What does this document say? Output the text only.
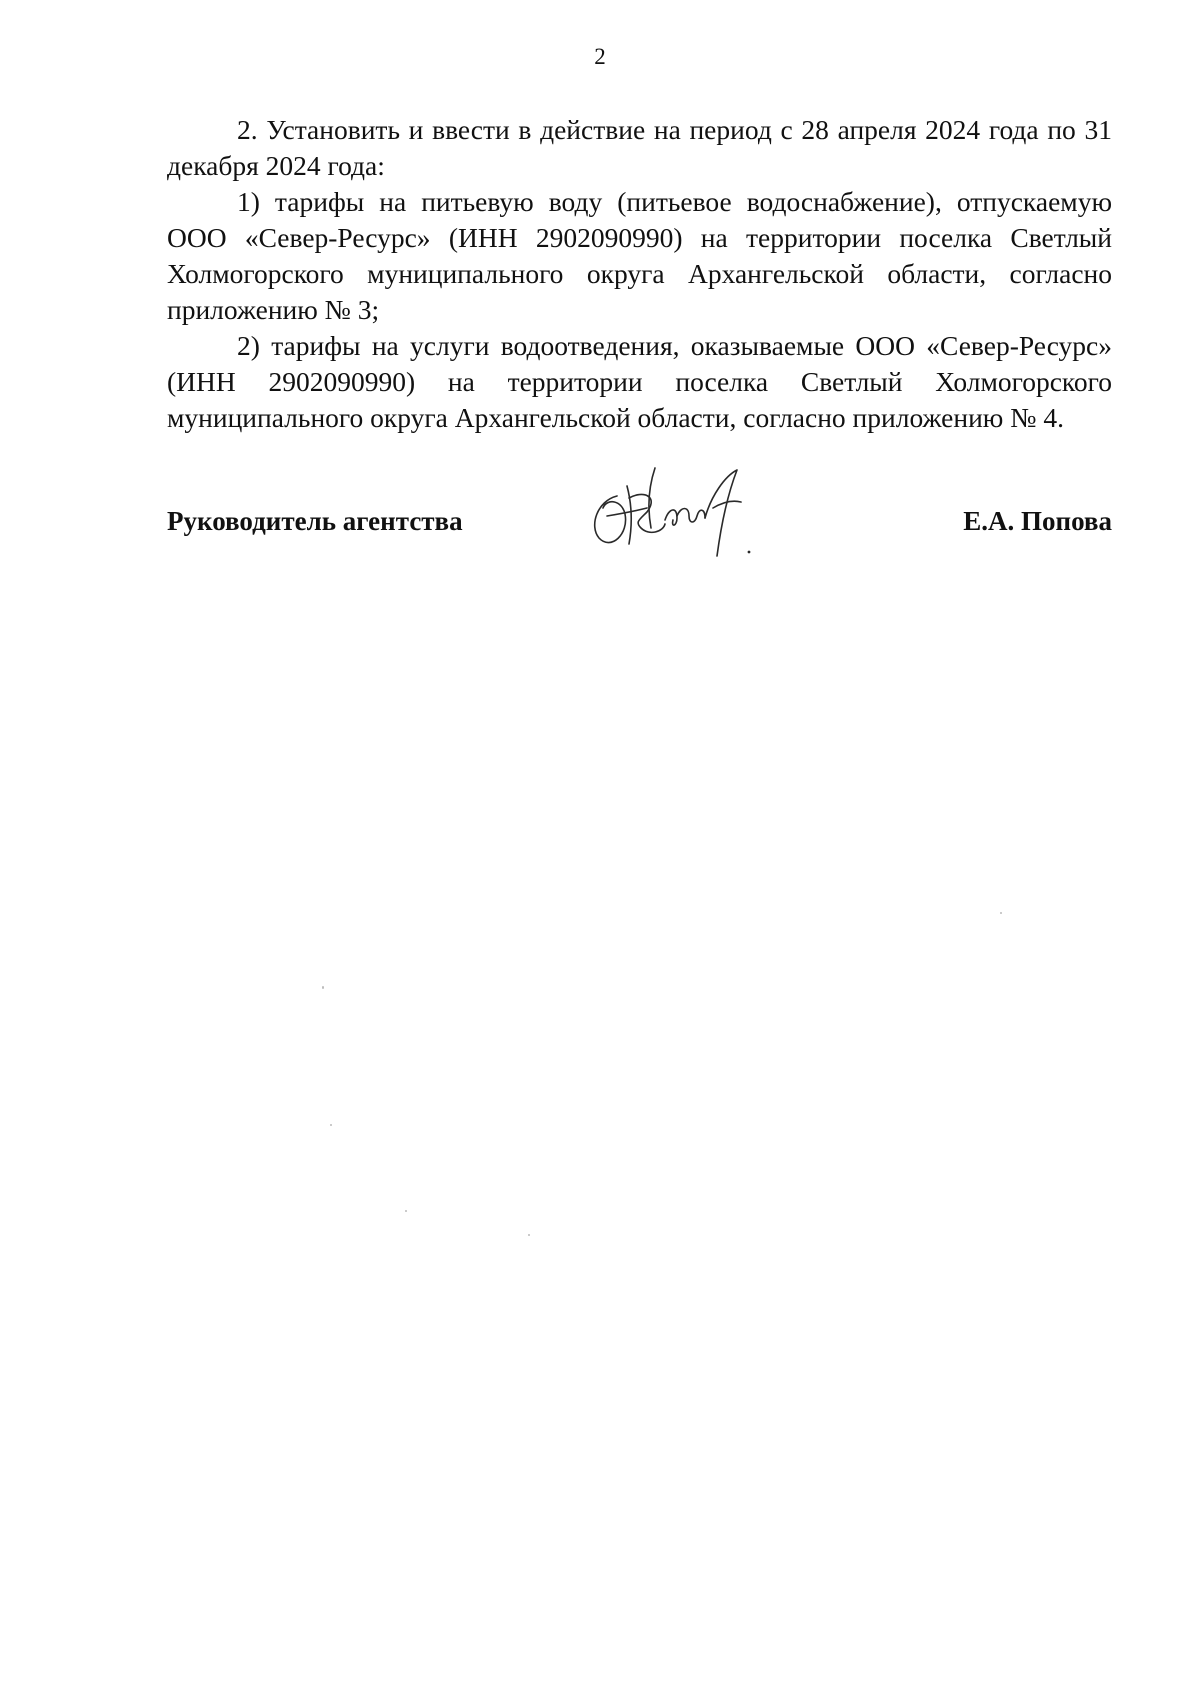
2

2. Установить и ввести в действие на период с 28 апреля 2024 года по 31 декабря 2024 года:

1) тарифы на питьевую воду (питьевое водоснабжение), отпускаемую ООО «Север-Ресурс» (ИНН 2902090990) на территории поселка Светлый Холмогорского муниципального округа Архангельской области, согласно приложению № 3;

2) тарифы на услуги водоотведения, оказываемые ООО «Север-Ресурс» (ИНН 2902090990) на территории поселка Светлый Холмогорского муниципального округа Архангельской области, согласно приложению № 4.

Руководитель агентства	Е.А. Попова
